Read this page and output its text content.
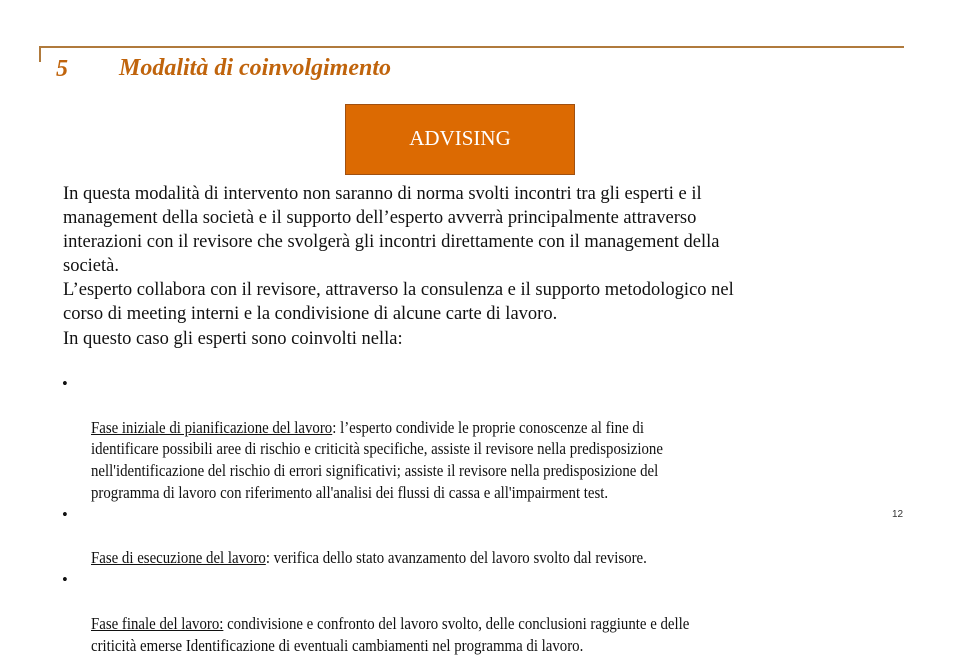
5 Modalità di coinvolgimento
ADVISING
In questa modalità di intervento non saranno di norma svolti incontri tra gli esperti e il
management della società e il supporto dell’esperto avverrà principalmente attraverso
interazioni con il revisore che svolgerà gli incontri direttamente con il management della
società.
L’esperto collabora con il revisore, attraverso la consulenza e il supporto metodologico nel
corso di meeting interni e la condivisione di alcune carte di lavoro.
In questo caso gli esperti sono coinvolti nella:

•

Fase iniziale di pianificazione del lavoro: l’esperto condivide le proprie conoscenze al fine di
identificare possibili aree di rischio e criticità specifiche, assiste il revisore nella predisposizione
nell'identificazione del rischio di errori significativi; assiste il revisore nella predisposizione del
programma di lavoro con riferimento all'analisi dei flussi di cassa e all'impairment test.

•

Fase di esecuzione del lavoro: verifica dello stato avanzamento del lavoro svolto dal revisore.

•

Fase finale del lavoro: condivisione e confronto del lavoro svolto, delle conclusioni raggiunte e delle
criticità emerse Identificazione di eventuali cambiamenti nel programma di lavoro.

12
